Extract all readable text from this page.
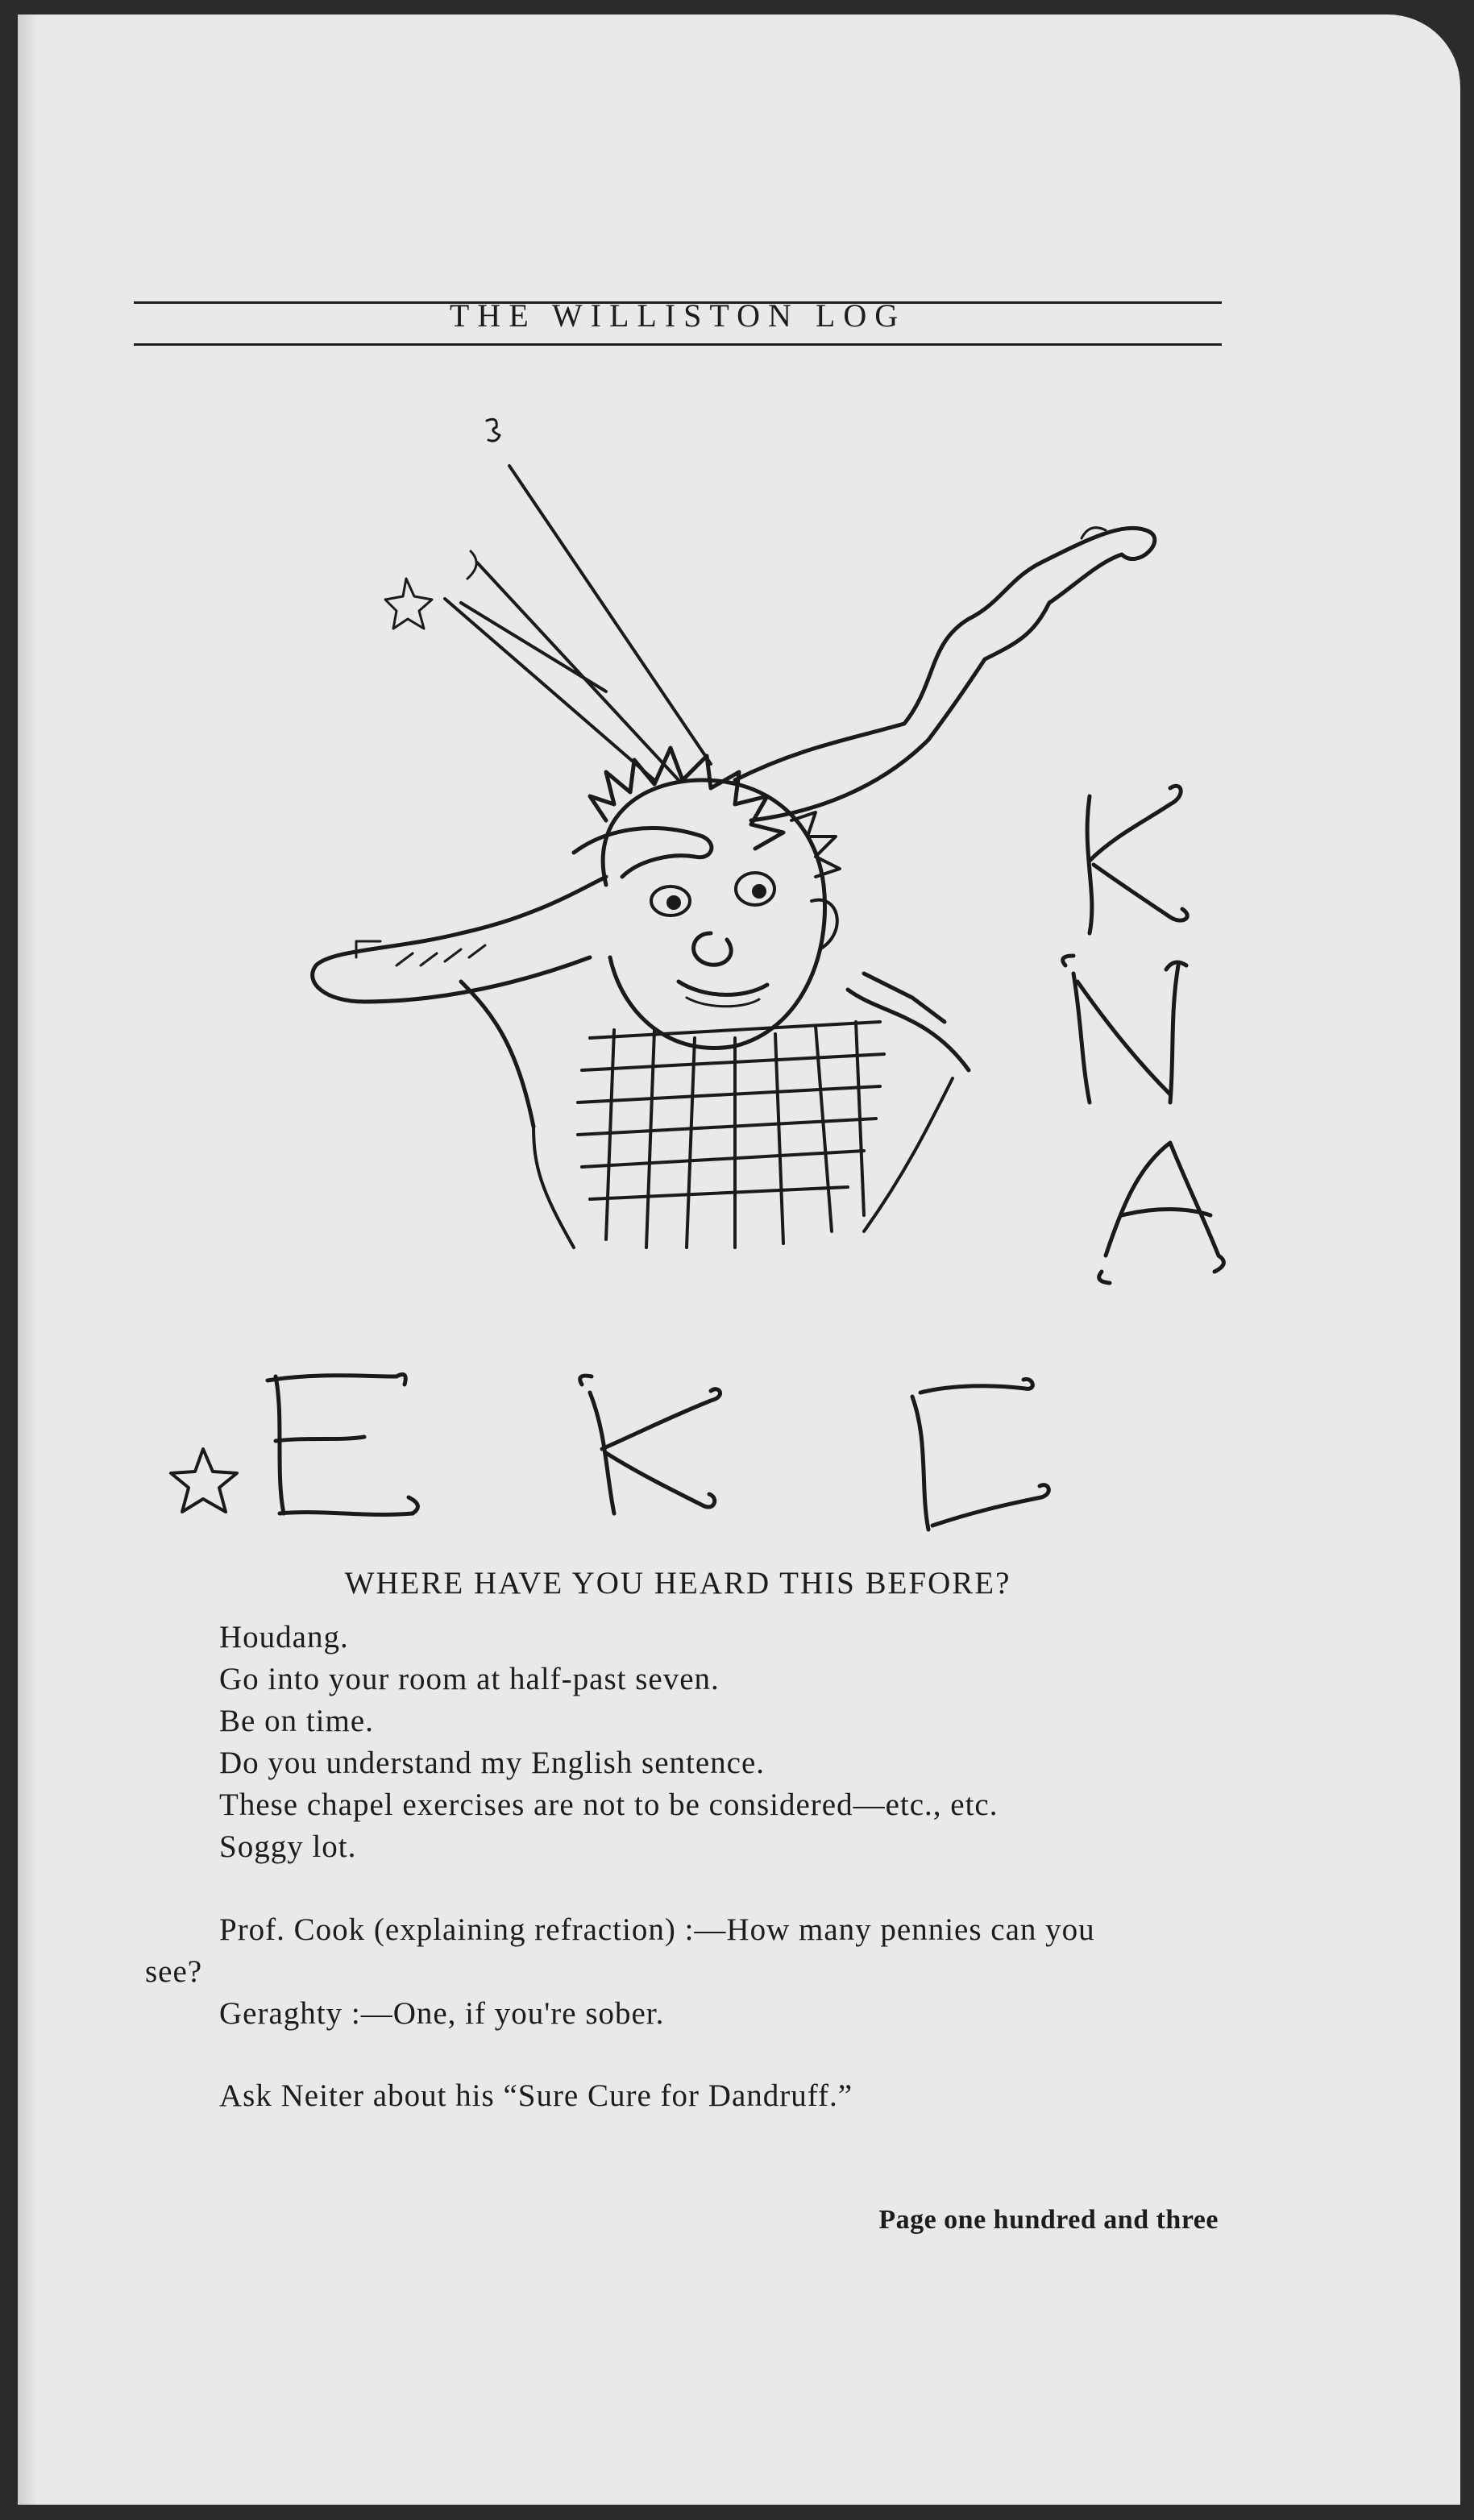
THE WILLISTON LOG
WHERE HAVE YOU HEARD THIS BEFORE?
Houdang.
Go into your room at half-past seven.
Be on time.
Do you understand my English sentence.
These chapel exercises are not to be considered—etc., etc.
Soggy lot.
Prof. Cook (explaining refraction) :—How many pennies can you
see?
Geraghty :—One, if you're sober.
Ask Neiter about his “Sure Cure for Dandruff.”
Page one hundred and three
